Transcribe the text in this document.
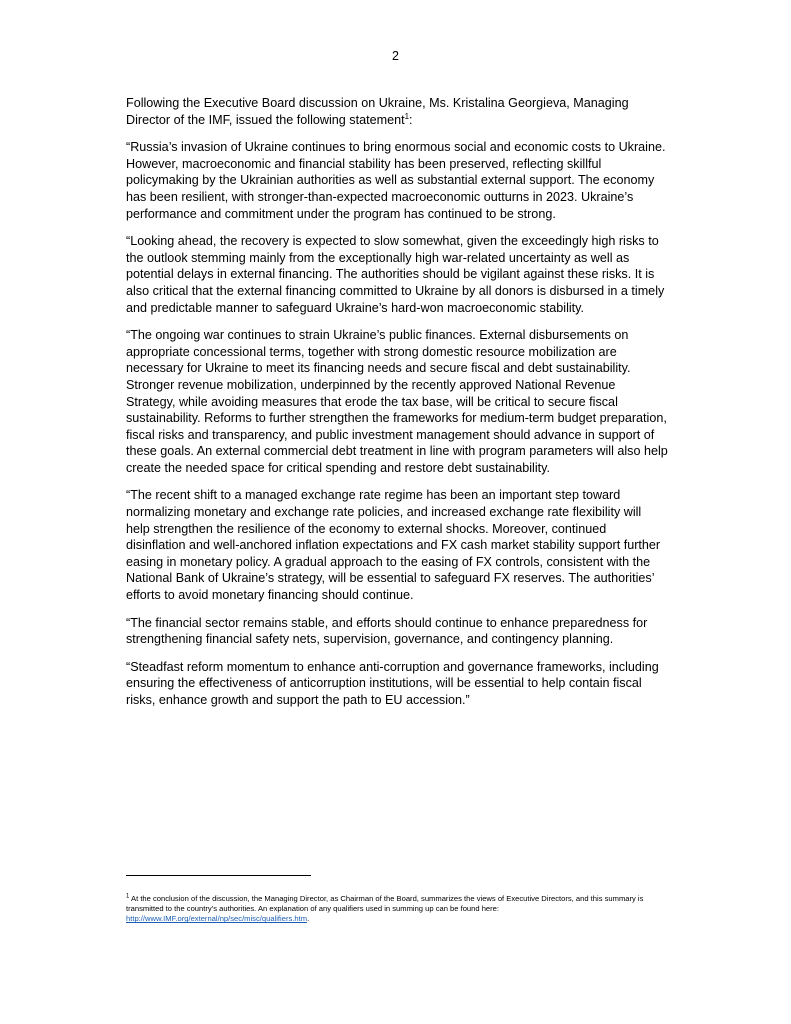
2

Following the Executive Board discussion on Ukraine, Ms. Kristalina Georgieva, Managing Director of the IMF, issued the following statement$^1$:

“Russia’s invasion of Ukraine continues to bring enormous social and economic costs to Ukraine. However, macroeconomic and financial stability has been preserved, reflecting skillful policymaking by the Ukrainian authorities as well as substantial external support. The economy has been resilient, with stronger-than-expected macroeconomic outturns in 2023. Ukraine’s performance and commitment under the program has continued to be strong.

“Looking ahead, the recovery is expected to slow somewhat, given the exceedingly high risks to the outlook stemming mainly from the exceptionally high war-related uncertainty as well as potential delays in external financing. The authorities should be vigilant against these risks. It is also critical that the external financing committed to Ukraine by all donors is disbursed in a timely and predictable manner to safeguard Ukraine’s hard-won macroeconomic stability.

“The ongoing war continues to strain Ukraine’s public finances. External disbursements on appropriate concessional terms, together with strong domestic resource mobilization are necessary for Ukraine to meet its financing needs and secure fiscal and debt sustainability. Stronger revenue mobilization, underpinned by the recently approved National Revenue Strategy, while avoiding measures that erode the tax base, will be critical to secure fiscal sustainability. Reforms to further strengthen the frameworks for medium-term budget preparation, fiscal risks and transparency, and public investment management should advance in support of these goals. An external commercial debt treatment in line with program parameters will also help create the needed space for critical spending and restore debt sustainability.

“The recent shift to a managed exchange rate regime has been an important step toward normalizing monetary and exchange rate policies, and increased exchange rate flexibility will help strengthen the resilience of the economy to external shocks. Moreover, continued disinflation and well-anchored inflation expectations and FX cash market stability support further easing in monetary policy. A gradual approach to the easing of FX controls, consistent with the National Bank of Ukraine’s strategy, will be essential to safeguard FX reserves. The authorities’ efforts to avoid monetary financing should continue.

“The financial sector remains stable, and efforts should continue to enhance preparedness for strengthening financial safety nets, supervision, governance, and contingency planning.

“Steadfast reform momentum to enhance anti-corruption and governance frameworks, including ensuring the effectiveness of anticorruption institutions, will be essential to help contain fiscal risks, enhance growth and support the path to EU accession.”

$^1$ At the conclusion of the discussion, the Managing Director, as Chairman of the Board, summarizes the views of Executive Directors, and this summary is transmitted to the country’s authorities. An explanation of any qualifiers used in summing up can be found here: http://www.IMF.org/external/np/sec/misc/qualifiers.htm.
